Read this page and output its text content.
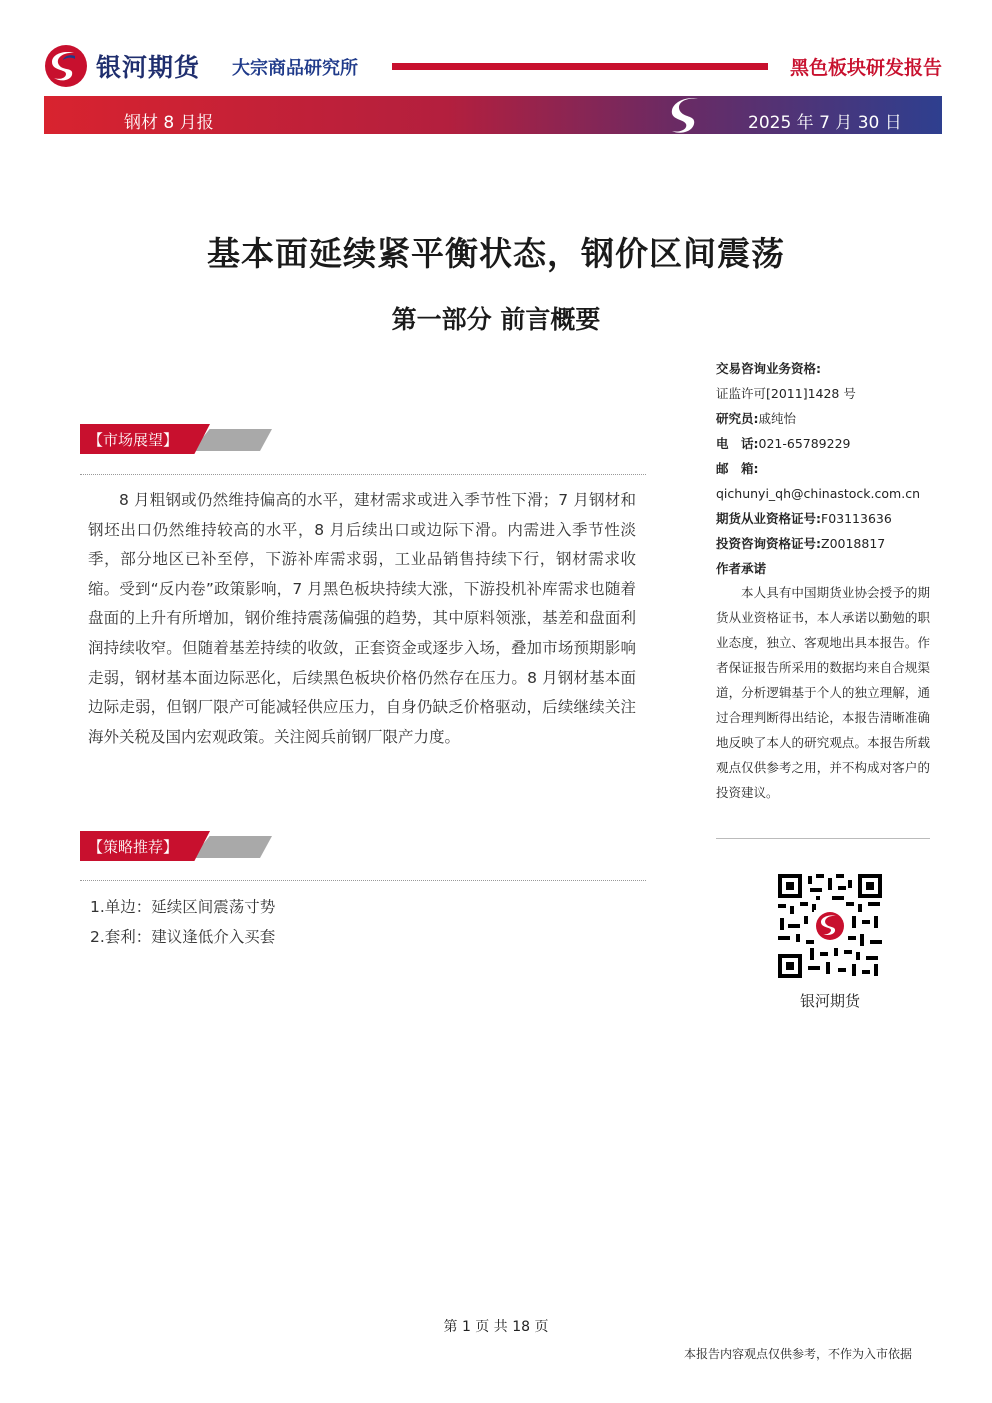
银河期货 大宗商品研究所	黑色板块研发报告
钢材 8 月报	2025 年 7 月 30 日
基本面延续紧平衡状态，钢价区间震荡
第一部分 前言概要
【市场展望】
8 月粗钢或仍然维持偏高的水平，建材需求或进入季节性下滑；7 月钢材和钢坯出口仍然维持较高的水平，8 月后续出口或边际下滑。内需进入季节性淡季，部分地区已补至停，下游补库需求弱，工业品销售持续下行，钢材需求收缩。受到“反内卷”政策影响，7 月黑色板块持续大涨，下游投机补库需求也随着盘面的上升有所增加，钢价维持震荡偏强的趋势，其中原料领涨，基差和盘面利润持续收窄。但随着基差持续的收敛，正套资金或逐步入场，叠加市场预期影响走弱，钢材基本面边际恶化，后续黑色板块价格仍然存在压力。8 月钢材基本面边际走弱，但钢厂限产可能减轻供应压力，自身仍缺乏价格驱动，后续继续关注海外关税及国内宏观政策。关注阅兵前钢厂限产力度。
【策略推荐】
1.单边：延续区间震荡寸势
2.套利：建议逢低介入买套
交易咨询业务资格:
证监许可[2011]1428 号
研究员:戚纯怡
电　话:021-65789229
邮　箱:
qichunyi_qh@chinastock.com.cn
期货从业资格证号:F03113636
投资咨询资格证号:Z0018817
作者承诺
本人具有中国期货业协会授予的期货从业资格证书，本人承诺以勤勉的职业态度，独立、客观地出具本报告。作者保证报告所采用的数据均来自合规渠道，分析逻辑基于个人的独立理解，通过合理判断得出结论，本报告清晰准确地反映了本人的研究观点。本报告所载观点仅供参考之用，并不构成对客户的投资建议。
银河期货
第 1 页 共 18 页
本报告内容观点仅供参考，不作为入市依据
